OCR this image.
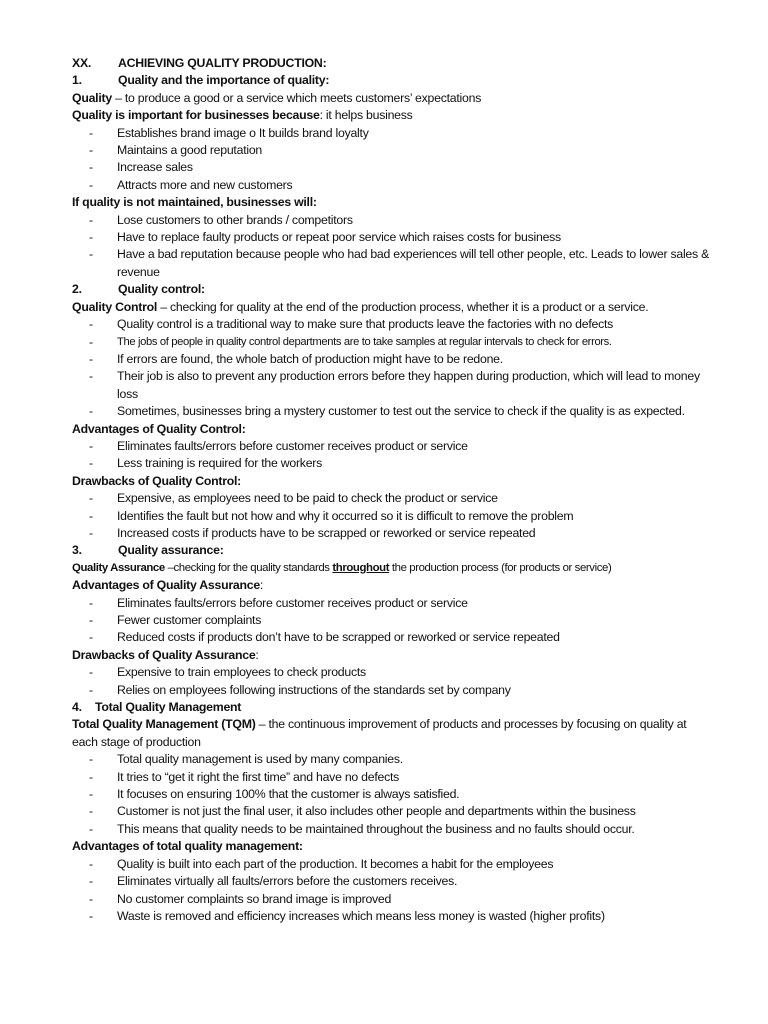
XX.	ACHIEVING QUALITY PRODUCTION:
1.	Quality and the importance of quality:
Quality – to produce a good or a service which meets customers’ expectations
Quality is important for businesses because: it helps business
-	Establishes brand image o It builds brand loyalty
-	Maintains a good reputation
-	Increase sales
-	Attracts more and new customers
If quality is not maintained, businesses will:
-	Lose customers to other brands / competitors
-	Have to replace faulty products or repeat poor service which raises costs for business
-	Have a bad reputation because people who had bad experiences will tell other people, etc. Leads to lower sales & revenue
2.	Quality control:
Quality Control – checking for quality at the end of the production process, whether it is a product or a service.
-	Quality control is a traditional way to make sure that products leave the factories with no defects
-	The jobs of people in quality control departments are to take samples at regular intervals to check for errors.
-	If errors are found, the whole batch of production might have to be redone.
-	Their job is also to prevent any production errors before they happen during production, which will lead to money loss
-	Sometimes, businesses bring a mystery customer to test out the service to check if the quality is as expected.
Advantages of Quality Control:
-	Eliminates faults/errors before customer receives product or service
-	Less training is required for the workers
Drawbacks of Quality Control:
-	Expensive, as employees need to be paid to check the product or service
-	Identifies the fault but not how and why it occurred so it is difficult to remove the problem
-	Increased costs if products have to be scrapped or reworked or service repeated
3.	Quality assurance:
Quality Assurance –checking for the quality standards throughout the production process (for products or service)
Advantages of Quality Assurance:
-	Eliminates faults/errors before customer receives product or service
-	Fewer customer complaints
-	Reduced costs if products don’t have to be scrapped or reworked or service repeated
Drawbacks of Quality Assurance:
-	Expensive to train employees to check products
-	Relies on employees following instructions of the standards set by company
4.	Total Quality Management
Total Quality Management (TQM) – the continuous improvement of products and processes by focusing on quality at each stage of production
-	Total quality management is used by many companies.
-	It tries to “get it right the first time” and have no defects
-	It focuses on ensuring 100% that the customer is always satisfied.
-	Customer is not just the final user, it also includes other people and departments within the business
-	This means that quality needs to be maintained throughout the business and no faults should occur.
Advantages of total quality management:
-	Quality is built into each part of the production. It becomes a habit for the employees
-	Eliminates virtually all faults/errors before the customers receives.
-	No customer complaints so brand image is improved
-	Waste is removed and efficiency increases which means less money is wasted (higher profits)
